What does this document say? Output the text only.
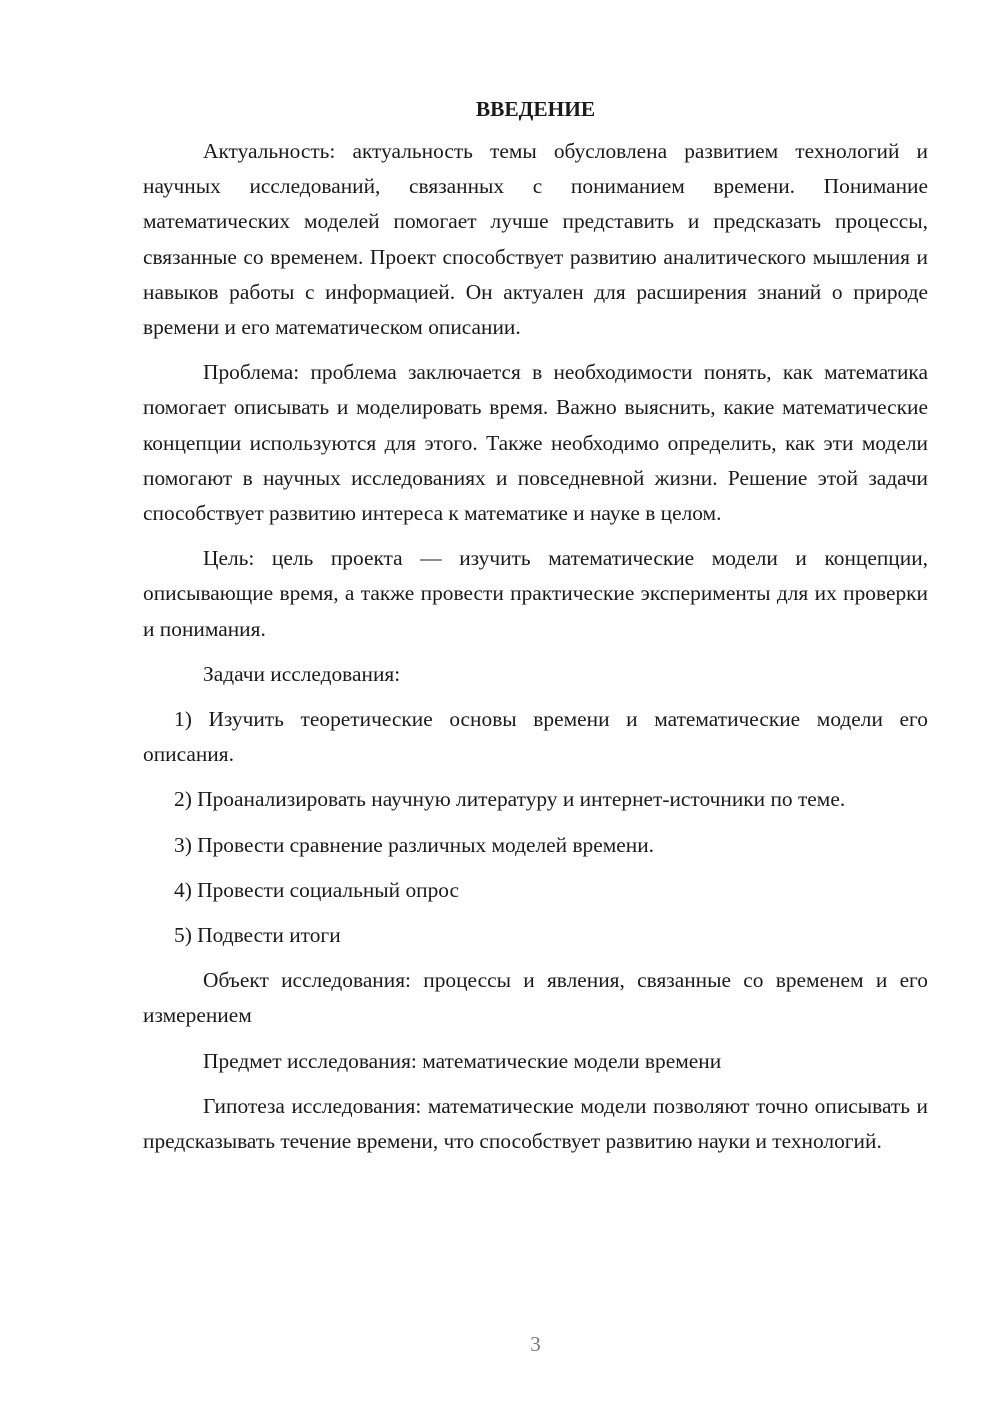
ВВЕДЕНИЕ

Актуальность: актуальность темы обусловлена развитием технологий и научных исследований, связанных с пониманием времени. Понимание математических моделей помогает лучше представить и предсказать процессы, связанные со временем. Проект способствует развитию аналитического мышления и навыков работы с информацией. Он актуален для расширения знаний о природе времени и его математическом описании.

Проблема: проблема заключается в необходимости понять, как математика помогает описывать и моделировать время. Важно выяснить, какие математические концепции используются для этого. Также необходимо определить, как эти модели помогают в научных исследованиях и повседневной жизни. Решение этой задачи способствует развитию интереса к математике и науке в целом.

Цель: цель проекта — изучить математические модели и концепции, описывающие время, а также провести практические эксперименты для их проверки и понимания.

Задачи исследования:

1) Изучить теоретические основы времени и математические модели его описания.

2) Проанализировать научную литературу и интернет-источники по теме.

3) Провести сравнение различных моделей времени.

4) Провести социальный опрос

5) Подвести итоги

Объект исследования: процессы и явления, связанные со временем и его измерением

Предмет исследования: математические модели времени

Гипотеза исследования: математические модели позволяют точно описывать и предсказывать течение времени, что способствует развитию науки и технологий.

3
